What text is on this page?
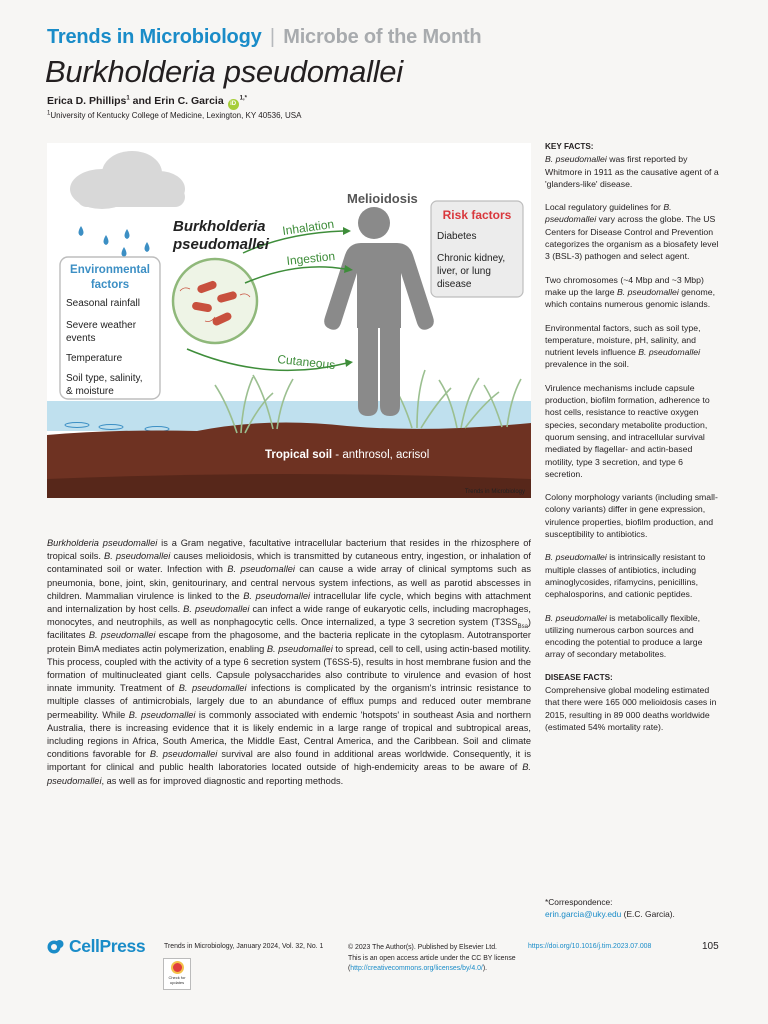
Trends in Microbiology | Microbe of the Month
Burkholderia pseudomallei
Erica D. Phillips$^1$ and Erin C. Garcia $iD^{1,*}$
$^1$University of Kentucky College of Medicine, Lexington, KY 40536, USA
Melioidosis
Burkholderia
pseudomallei
Inhalation
Ingestion
Cutaneous
Environmental
factors
Seasonal rainfall
Severe weather
events
Temperature
Soil type, salinity,
& moisture
Risk factors
Diabetes
Chronic kidney,
liver, or lung
disease
Tropical soil - anthrosol, acrisol
Trends in Microbiology
Burkholderia pseudomallei is a Gram negative, facultative intracellular bacterium that resides in the rhizosphere of tropical soils. B. pseudomallei causes melioidosis, which is transmitted by cutaneous entry, ingestion, or inhalation of contaminated soil or water. Infection with B. pseudomallei can cause a wide array of clinical symptoms such as pneumonia, bone, joint, skin, genitourinary, and central nervous system infections, as well as parotid abscesses in children. Mammalian virulence is linked to the B. pseudomallei intracellular life cycle, which begins with attachment and internalization by host cells. B. pseudomallei can infect a wide range of eukaryotic cells, including macrophages, monocytes, and neutrophils, as well as nonphagocytic cells. Once internalized, a type 3 secretion system $(T3SS_{Bsa})$ facilitates B. pseudomallei escape from the phagosome, and the bacteria replicate in the cytoplasm. Autotransporter protein BimA mediates actin polymerization, enabling B. pseudomallei to spread, cell to cell, using actin-based motility. This process, coupled with the activity of a type 6 secretion system (T6SS-5), results in host membrane fusion and the formation of multinucleated giant cells. Capsule polysaccharides also contribute to virulence and evasion of host innate immunity. Treatment of B. pseudomallei infections is complicated by the organism's intrinsic resistance to multiple classes of antimicrobials, largely due to an abundance of efflux pumps and reduced outer membrane permeability. While B. pseudomallei is commonly associated with endemic 'hotspots' in southeast Asia and northern Australia, there is increasing evidence that it is likely endemic in a large range of tropical and subtropical areas, including regions in Africa, South America, the Middle East, Central America, and the Caribbean. Soil and climate conditions favorable for B. pseudomallei survival are also found in additional areas worldwide. Consequently, it is important for clinical and public health laboratories located outside of high-endemicity areas to be aware of B. pseudomallei, as well as for improved diagnostic and reporting methods.
KEY FACTS:

B. pseudomallei was first reported by Whitmore in 1911 as the causative agent of a 'glanders-like' disease.

Local regulatory guidelines for B. pseudomallei vary across the globe. The US Centers for Disease Control and Prevention categorizes the organism as a biosafety level 3 (BSL-3) pathogen and select agent.

Two chromosomes (~4 Mbp and ~3 Mbp) make up the large B. pseudomallei genome, which contains numerous genomic islands.

Environmental factors, such as soil type, temperature, moisture, pH, salinity, and nutrient levels influence B. pseudomallei prevalence in the soil.

Virulence mechanisms include capsule production, biofilm formation, adherence to host cells, resistance to reactive oxygen species, secondary metabolite production, quorum sensing, and intracellular survival mediated by flagellar- and actin-based motility, type 3 secretion, and type 6 secretion.

Colony morphology variants (including small-colony variants) differ in gene expression, virulence properties, biofilm production, and susceptibility to antibiotics.

B. pseudomallei is intrinsically resistant to multiple classes of antibiotics, including aminoglycosides, rifamycins, penicillins, cephalosporins, and cationic peptides.

B. pseudomallei is metabolically flexible, utilizing numerous carbon sources and encoding the potential to produce a large array of secondary metabolites.

DISEASE FACTS:

Comprehensive global modeling estimated that there were 165 000 melioidosis cases in 2015, resulting in 89 000 deaths worldwide (estimated 54% mortality rate).

*Correspondence:
erin.garcia@uky.edu (E.C. Garcia).
CellPress
Check for updates
Trends in Microbiology, January 2024, Vol. 32, No. 1	© 2023 The Author(s). Published by Elsevier Ltd.
This is an open access article under the CC BY license
(http://creativecommons.org/licenses/by/4.0/).
https://doi.org/10.1016/j.tim.2023.07.008	105
